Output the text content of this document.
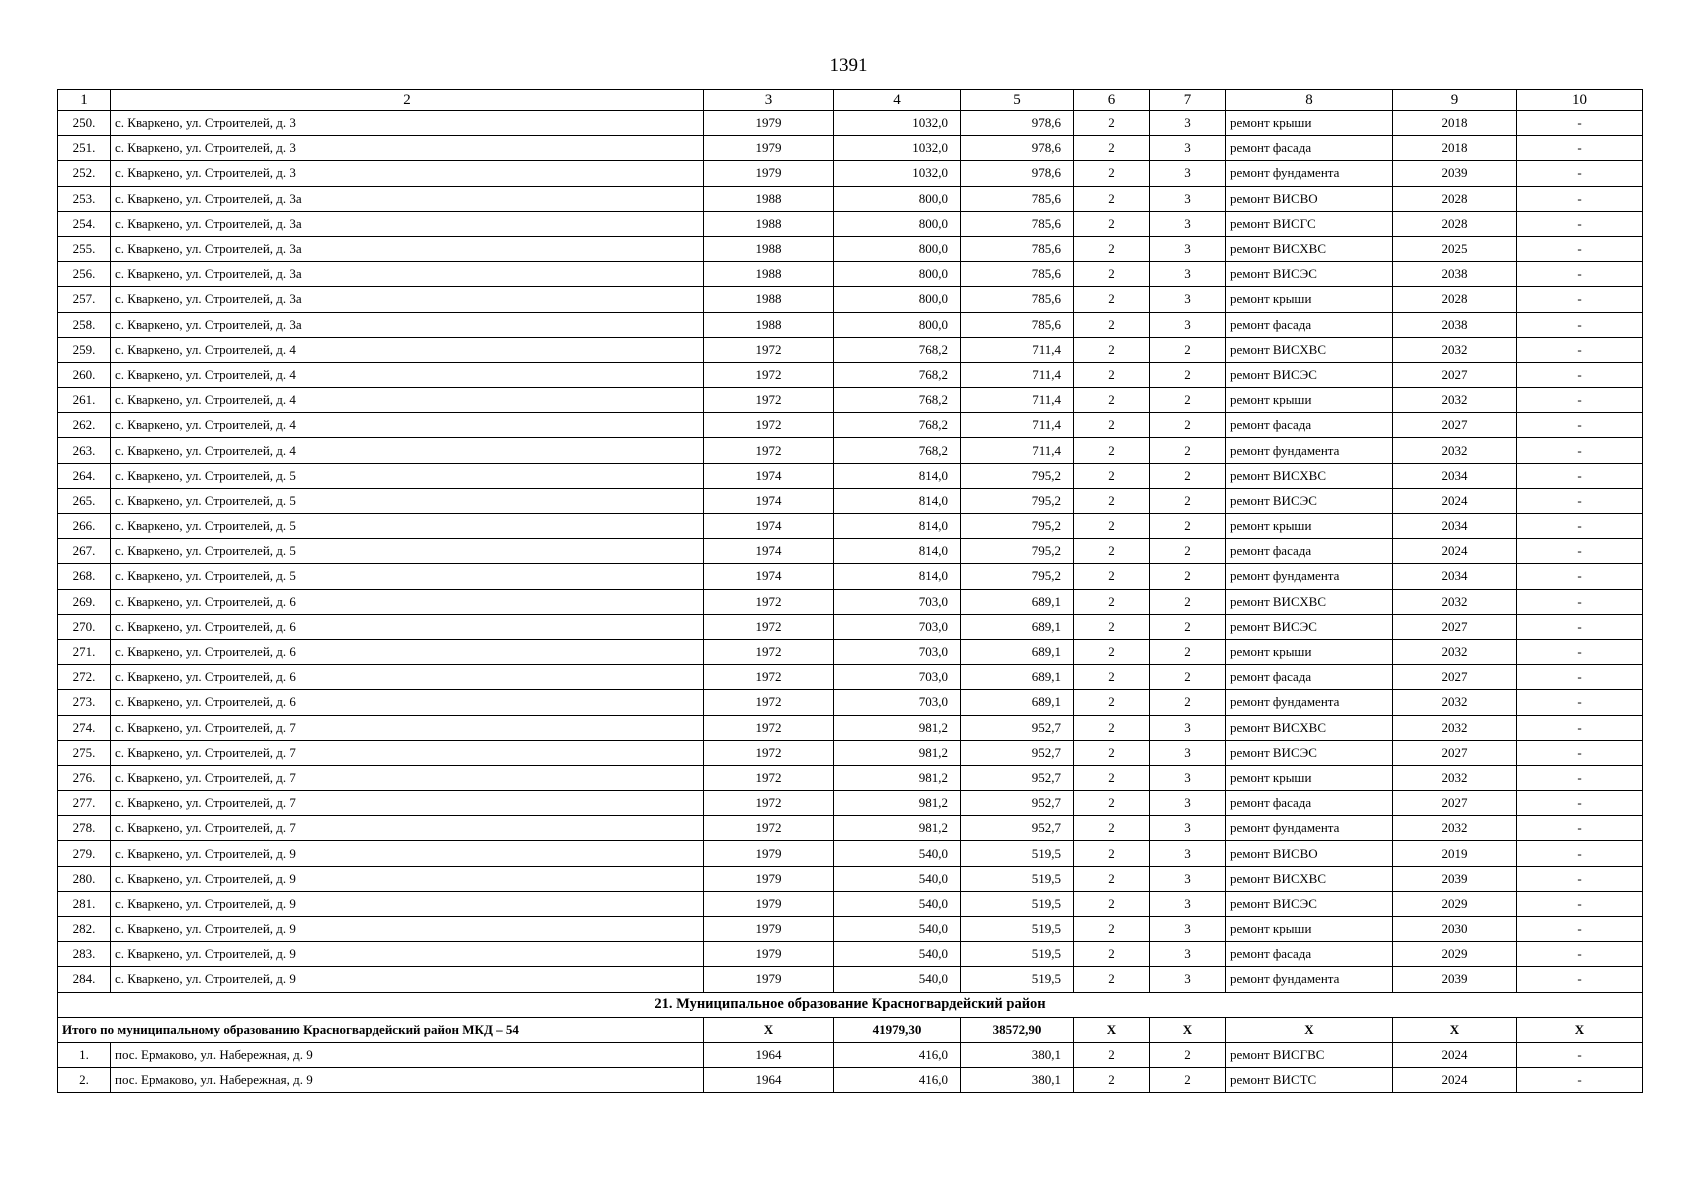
1391
1	2	3	4	5	6	7	8	9	10
250.	с. Кваркено, ул. Строителей, д. 3	1979	1032,0	978,6	2	3	ремонт крыши	2018	-
251.	с. Кваркено, ул. Строителей, д. 3	1979	1032,0	978,6	2	3	ремонт фасада	2018	-
252.	с. Кваркено, ул. Строителей, д. 3	1979	1032,0	978,6	2	3	ремонт фундамента	2039	-
253.	с. Кваркено, ул. Строителей, д. 3а	1988	800,0	785,6	2	3	ремонт ВИСВО	2028	-
254.	с. Кваркено, ул. Строителей, д. 3а	1988	800,0	785,6	2	3	ремонт ВИСГС	2028	-
255.	с. Кваркено, ул. Строителей, д. 3а	1988	800,0	785,6	2	3	ремонт ВИСХВС	2025	-
256.	с. Кваркено, ул. Строителей, д. 3а	1988	800,0	785,6	2	3	ремонт ВИСЭС	2038	-
257.	с. Кваркено, ул. Строителей, д. 3а	1988	800,0	785,6	2	3	ремонт крыши	2028	-
258.	с. Кваркено, ул. Строителей, д. 3а	1988	800,0	785,6	2	3	ремонт фасада	2038	-
259.	с. Кваркено, ул. Строителей, д. 4	1972	768,2	711,4	2	2	ремонт ВИСХВС	2032	-
260.	с. Кваркено, ул. Строителей, д. 4	1972	768,2	711,4	2	2	ремонт ВИСЭС	2027	-
261.	с. Кваркено, ул. Строителей, д. 4	1972	768,2	711,4	2	2	ремонт крыши	2032	-
262.	с. Кваркено, ул. Строителей, д. 4	1972	768,2	711,4	2	2	ремонт фасада	2027	-
263.	с. Кваркено, ул. Строителей, д. 4	1972	768,2	711,4	2	2	ремонт фундамента	2032	-
264.	с. Кваркено, ул. Строителей, д. 5	1974	814,0	795,2	2	2	ремонт ВИСХВС	2034	-
265.	с. Кваркено, ул. Строителей, д. 5	1974	814,0	795,2	2	2	ремонт ВИСЭС	2024	-
266.	с. Кваркено, ул. Строителей, д. 5	1974	814,0	795,2	2	2	ремонт крыши	2034	-
267.	с. Кваркено, ул. Строителей, д. 5	1974	814,0	795,2	2	2	ремонт фасада	2024	-
268.	с. Кваркено, ул. Строителей, д. 5	1974	814,0	795,2	2	2	ремонт фундамента	2034	-
269.	с. Кваркено, ул. Строителей, д. 6	1972	703,0	689,1	2	2	ремонт ВИСХВС	2032	-
270.	с. Кваркено, ул. Строителей, д. 6	1972	703,0	689,1	2	2	ремонт ВИСЭС	2027	-
271.	с. Кваркено, ул. Строителей, д. 6	1972	703,0	689,1	2	2	ремонт крыши	2032	-
272.	с. Кваркено, ул. Строителей, д. 6	1972	703,0	689,1	2	2	ремонт фасада	2027	-
273.	с. Кваркено, ул. Строителей, д. 6	1972	703,0	689,1	2	2	ремонт фундамента	2032	-
274.	с. Кваркено, ул. Строителей, д. 7	1972	981,2	952,7	2	3	ремонт ВИСХВС	2032	-
275.	с. Кваркено, ул. Строителей, д. 7	1972	981,2	952,7	2	3	ремонт ВИСЭС	2027	-
276.	с. Кваркено, ул. Строителей, д. 7	1972	981,2	952,7	2	3	ремонт крыши	2032	-
277.	с. Кваркено, ул. Строителей, д. 7	1972	981,2	952,7	2	3	ремонт фасада	2027	-
278.	с. Кваркено, ул. Строителей, д. 7	1972	981,2	952,7	2	3	ремонт фундамента	2032	-
279.	с. Кваркено, ул. Строителей, д. 9	1979	540,0	519,5	2	3	ремонт ВИСВО	2019	-
280.	с. Кваркено, ул. Строителей, д. 9	1979	540,0	519,5	2	3	ремонт ВИСХВС	2039	-
281.	с. Кваркено, ул. Строителей, д. 9	1979	540,0	519,5	2	3	ремонт ВИСЭС	2029	-
282.	с. Кваркено, ул. Строителей, д. 9	1979	540,0	519,5	2	3	ремонт крыши	2030	-
283.	с. Кваркено, ул. Строителей, д. 9	1979	540,0	519,5	2	3	ремонт фасада	2029	-
284.	с. Кваркено, ул. Строителей, д. 9	1979	540,0	519,5	2	3	ремонт фундамента	2039	-
21. Муниципальное образование Красногвардейский район									
Итого по муниципальному образованию Красногвардейский район МКД – 54		X	41979,30	38572,90	X	X	X	X	X
1.	пос. Ермаково, ул. Набережная, д. 9	1964	416,0	380,1	2	2	ремонт ВИСГВС	2024	-
2.	пос. Ермаково, ул. Набережная, д. 9	1964	416,0	380,1	2	2	ремонт ВИСТС	2024	-
